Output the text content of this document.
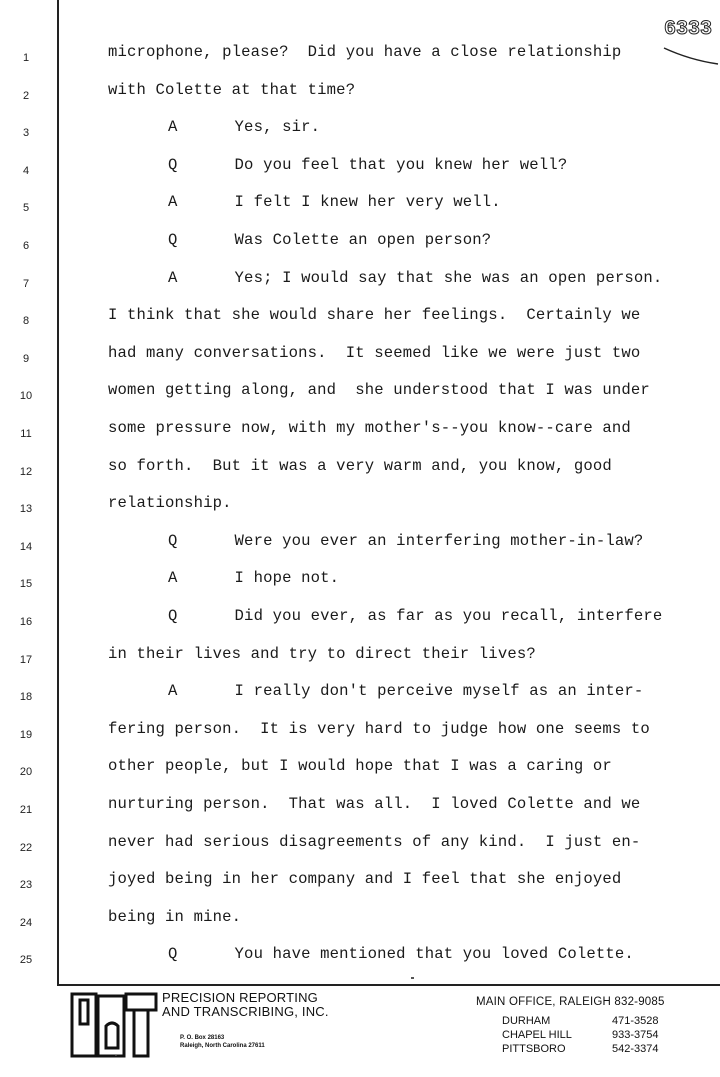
6333
1	microphone, please?  Did you have a close relationship
2	with Colette at that time?
3	A      Yes, sir.
4	Q      Do you feel that you knew her well?
5	A      I felt I knew her very well.
6	Q      Was Colette an open person?
7	A      Yes; I would say that she was an open person.
8	I think that she would share her feelings.  Certainly we
9	had many conversations.  It seemed like we were just two
10	women getting along, and  she understood that I was under
11	some pressure now, with my mother's--you know--care and
12	so forth.  But it was a very warm and, you know, good
13	relationship.
14	Q      Were you ever an interfering mother-in-law?
15	A      I hope not.
16	Q      Did you ever, as far as you recall, interfere
17	in their lives and try to direct their lives?
18	A      I really don't perceive myself as an inter-
19	fering person.  It is very hard to judge how one seems to
20	other people, but I would hope that I was a caring or
21	nurturing person.  That was all.  I loved Colette and we
22	never had serious disagreements of any kind.  I just en-
23	joyed being in her company and I feel that she enjoyed
24	being in mine.
25	Q      You have mentioned that you loved Colette.
P&T
PRECISION REPORTING
AND TRANSCRIBING, INC.
P. O. Box 28163
Raleigh, North Carolina 27611
MAIN OFFICE, RALEIGH 832-9085
DURHAM	471-3528
CHAPEL HILL	933-3754
PITTSBORO	542-3374
